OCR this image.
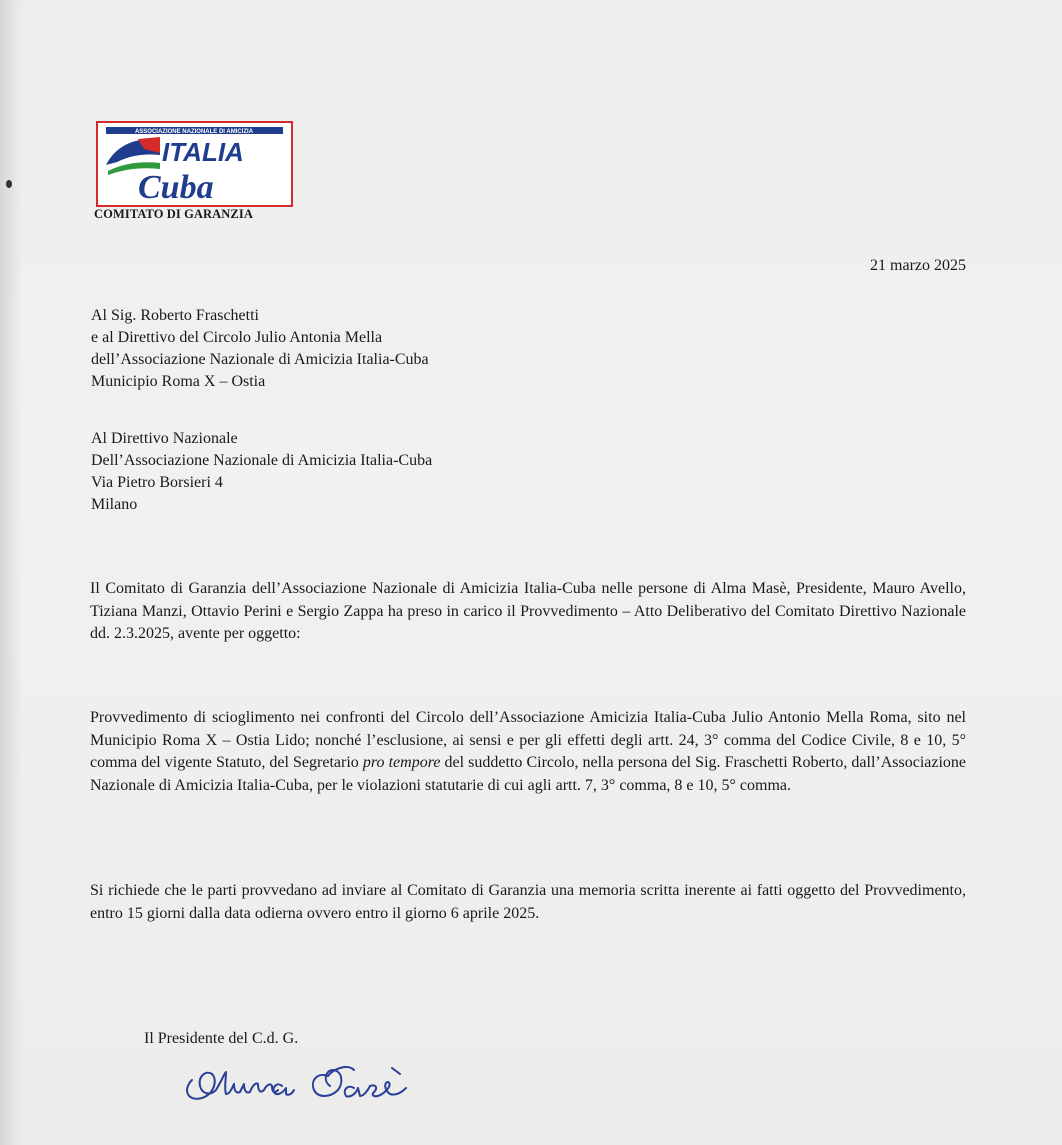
ASSOCIAZIONE NAZIONALE DI AMICIZIA
ITALIA
Cuba
COMITATO DI GARANZIA
21 marzo 2025
Al Sig. Roberto Fraschetti
e al Direttivo del Circolo Julio Antonia Mella
dell’Associazione Nazionale di Amicizia Italia-Cuba
Municipio Roma X – Ostia
Al Direttivo Nazionale
Dell’Associazione Nazionale di Amicizia Italia-Cuba
Via Pietro Borsieri 4
Milano
Il Comitato di Garanzia dell’Associazione Nazionale di Amicizia Italia-Cuba nelle persone di Alma Masè, Presidente, Mauro Avello, Tiziana Manzi, Ottavio Perini e Sergio Zappa ha preso in carico il Provvedimento – Atto Deliberativo del Comitato Direttivo Nazionale dd. 2.3.2025, avente per oggetto:
Provvedimento di scioglimento nei confronti del Circolo dell’Associazione Amicizia Italia-Cuba Julio Antonio Mella Roma, sito nel Municipio Roma X – Ostia Lido; nonché l’esclusione, ai sensi e per gli effetti degli artt. 24, 3° comma del Codice Civile, 8 e 10, 5° comma del vigente Statuto, del Segretario pro tempore del suddetto Circolo, nella persona del Sig. Fraschetti Roberto, dall’Associazione Nazionale di Amicizia Italia-Cuba, per le violazioni statutarie di cui agli artt. 7, 3° comma, 8 e 10, 5° comma.
Si richiede che le parti provvedano ad inviare al Comitato di Garanzia una memoria scritta inerente ai fatti oggetto del Provvedimento, entro 15 giorni dalla data odierna ovvero entro il giorno 6 aprile 2025.
Il Presidente del C.d. G.
